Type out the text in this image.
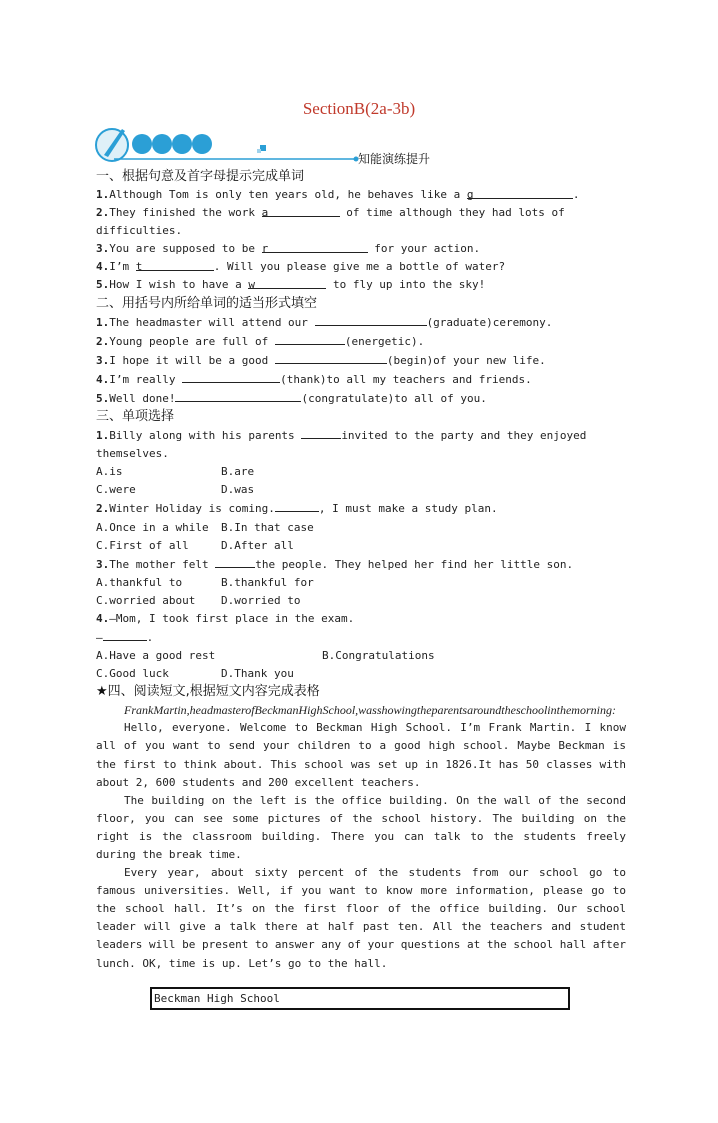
SectionB(2a-3b)
知能演练提升
一、根据句意及首字母提示完成单词
1.Although Tom is only ten years old, he behaves like a g	.
2.They finished the work a	of time although they had lots of difficulties.
3.You are supposed to be r	for your action.
4.I’m t	. Will you please give me a bottle of water?
5.How I wish to have a w	to fly up into the sky!
二、用括号内所给单词的适当形式填空
1.The headmaster will attend our	(graduate)ceremony.
2.Young people are full of	(energetic).
3.I hope it will be a good	(begin)of your new life.
4.I’m really	(thank)to all my teachers and friends.
5.Well done!	(congratulate)to all of you.
三、单项选择
1.Billy along with his parents	invited to the party and they enjoyed themselves.
A.is	B.are
C.were	D.was
2.Winter Holiday is coming.	, I must make a study plan.
A.Once in a while	B.In that case
C.First of all	D.After all
3.The mother felt	the people. They helped her find her little son.
A.thankful to	B.thankful for
C.worried about	D.worried to
4.—Mom, I took first place in the exam.
—	.
A.Have a good rest	B.Congratulations
C.Good luck	D.Thank you
★四、阅读短文,根据短文内容完成表格
FrankMartin,headmasterofBeckmanHighSchool,wasshowingtheparentsaroundtheschoolinthemorning:
Hello, everyone. Welcome to Beckman High School. I’m Frank Martin. I know all of you want to send your children to a good high school. Maybe Beckman is the first to think about. This school was set up in 1826.It has 50 classes with about 2, 600 students and 200 excellent teachers.
The building on the left is the office building. On the wall of the second floor, you can see some pictures of the school history. The building on the right is the classroom building. There you can talk to the students freely during the break time.
Every year, about sixty percent of the students from our school go to famous universities. Well, if you want to know more information, please go to the school hall. It’s on the first floor of the office building. Our school leader will give a talk there at half past ten. All the teachers and student leaders will be present to answer any of your questions at the school hall after lunch. OK, time is up. Let’s go to the hall.
Beckman High School
